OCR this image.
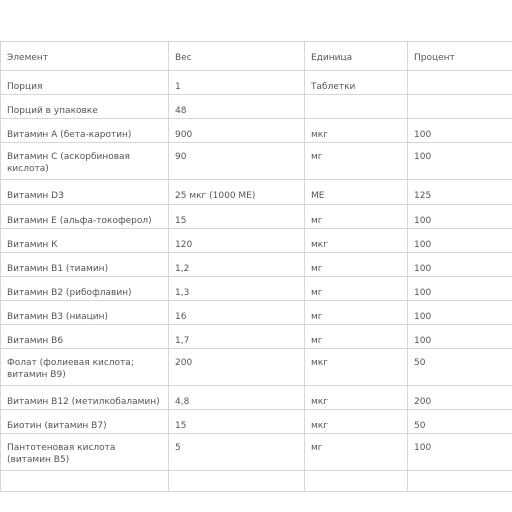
Элемент	Вес	Единица	Процент
Порция	1	Таблетки	
Порций в упаковке	48		
Витамин А (бета-каротин)	900	мкг	100
Витамин С (аскорбиновая кислота)	90	мг	100
Витамин D3	25 мкг (1000 МЕ)	МЕ	125
Витамин Е (альфа-токоферол)	15	мг	100
Витамин К	120	мкг	100
Витамин В1 (тиамин)	1,2	мг	100
Витамин В2 (рибофлавин)	1,3	мг	100
Витамин В3 (ниацин)	16	мг	100
Витамин В6	1,7	мг	100
Фолат (фолиевая кислота; витамин В9)	200	мкг	50
Витамин В12 (метилкобаламин)	4,8	мкг	200
Биотин (витамин В7)	15	мкг	50
Пантотеновая кислота (витамин В5)	5	мг	100
